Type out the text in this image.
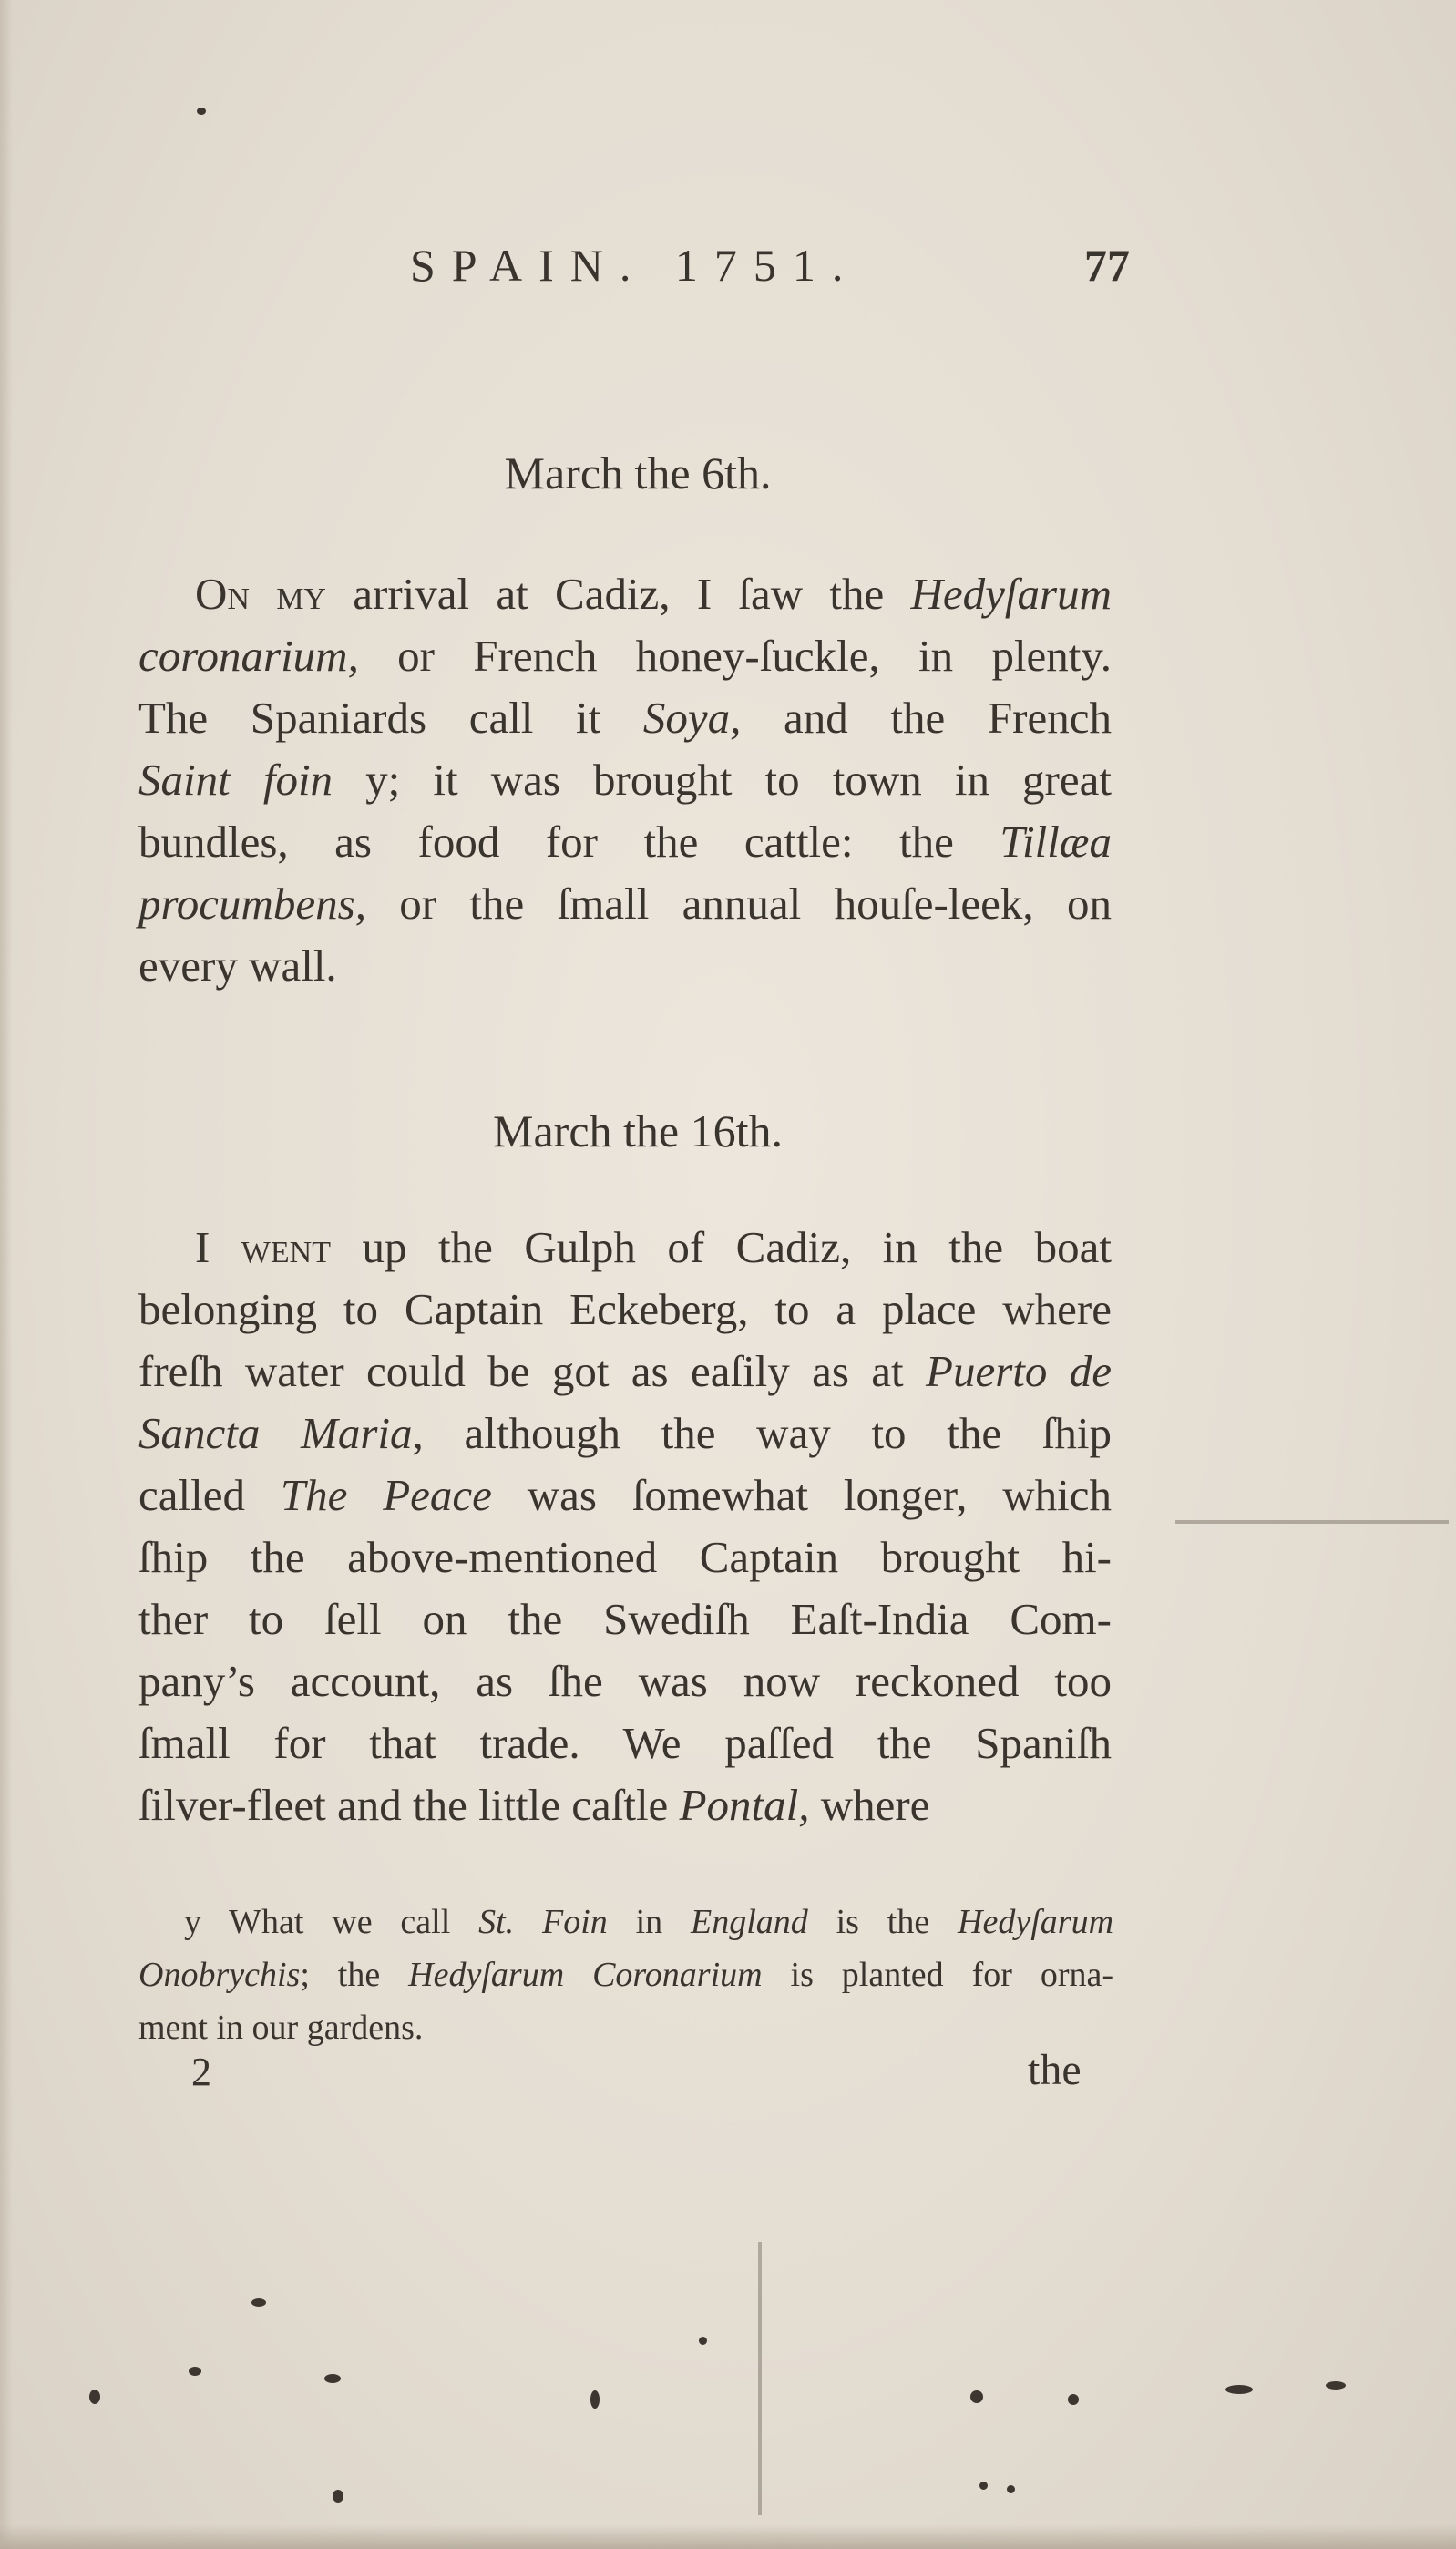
SPAIN. 1751.	77
March the 6th.
On my arrival at Cadiz, I ſaw the Hedyſarum
coronarium, or French honey-ſuckle, in plenty.
The Spaniards call it Soya, and the French
Saint foin y; it was brought to town in great
bundles, as food for the cattle: the Tillæa
procumbens, or the ſmall annual houſe-leek, on
every wall.
March the 16th.
I went up the Gulph of Cadiz, in the boat
belonging to Captain Eckeberg, to a place where
freſh water could be got as eaſily as at Puerto de
Sancta Maria, although the way to the ſhip
called The Peace was ſomewhat longer, which
ſhip the above-mentioned Captain brought hi-
ther to ſell on the Swediſh Eaſt-India Com-
pany’s account, as ſhe was now reckoned too
ſmall for that trade. We paſſed the Spaniſh
ſilver-fleet and the little caſtle Pontal, where
y What we call St. Foin in England is the Hedyſarum
Onobrychis; the Hedyſarum Coronarium is planted for orna-
ment in our gardens.
2	the
